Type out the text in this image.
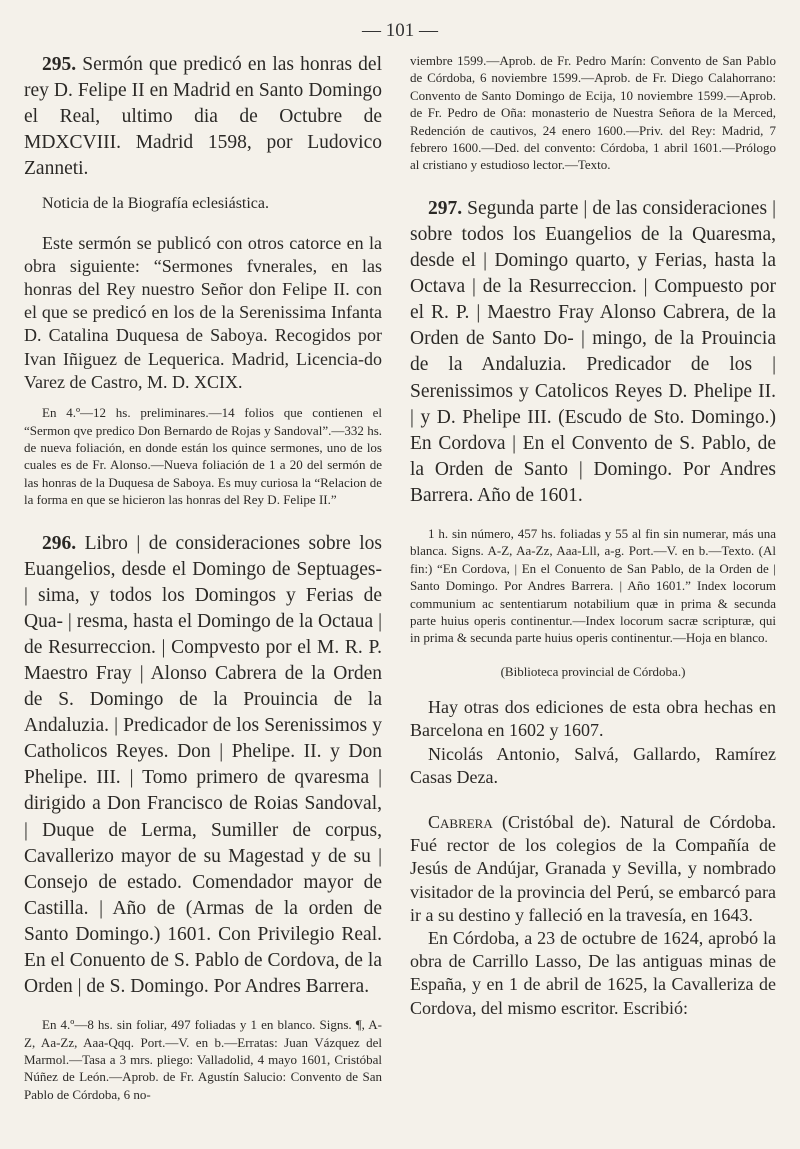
— 101 —

295. Sermón que predicó en las honras del rey D. Felipe II en Madrid en Santo Domingo el Real, ultimo dia de Octubre de MDXCVIII. Madrid 1598, por Ludovico Zanneti.

Noticia de la Biografía eclesiástica.

Este sermón se publicó con otros catorce en la obra siguiente: “Sermones fvnerales, en las honras del Rey nuestro Señor don Felipe II. con el que se predicó en los de la Serenissima Infanta D. Catalina Duquesa de Saboya. Recogidos por Ivan Iñiguez de Lequerica. Madrid, Licencia-do Varez de Castro, M. D. XCIX.

En 4.º—12 hs. preliminares.—14 folios que contienen el “Sermon qve predico Don Bernardo de Rojas y Sandoval”.—332 hs. de nueva foliación, en donde están los quince sermones, uno de los cuales es de Fr. Alonso.—Nueva foliación de 1 a 20 del sermón de las honras de la Duquesa de Saboya. Es muy curiosa la “Relacion de la forma en que se hicieron las honras del Rey D. Felipe II.”

296. Libro | de consideraciones sobre los Euangelios, desde el Domingo de Septuages- | sima, y todos los Domingos y Ferias de Qua- | resma, hasta el Domingo de la Octaua | de Resurreccion. | Compvesto por el M. R. P. Maestro Fray | Alonso Cabrera de la Orden de S. Domingo de la Prouincia de la Andaluzia. | Predicador de los Serenissimos y Catholicos Reyes. Don | Phelipe. II. y Don Phelipe. III. | Tomo primero de qvaresma | dirigido a Don Francisco de Roias Sandoval, | Duque de Lerma, Sumiller de corpus, Cavallerizo mayor de su Magestad y de su | Consejo de estado. Comendador mayor de Castilla. | Año de (Armas de la orden de Santo Domingo.) 1601. Con Privilegio Real. En el Conuento de S. Pablo de Cordova, de la Orden | de S. Domingo. Por Andres Barrera.

En 4.º—8 hs. sin foliar, 497 foliadas y 1 en blanco. Signs. ¶, A-Z, Aa-Zz, Aaa-Qqq. Port.—V. en b.—Erratas: Juan Vázquez del Marmol.—Tasa a 3 mrs. pliego: Valladolid, 4 mayo 1601, Cristóbal Núñez de León.—Aprob. de Fr. Agustín Salucio: Convento de San Pablo de Córdoba, 6 no-

viembre 1599.—Aprob. de Fr. Pedro Marín: Convento de San Pablo de Córdoba, 6 noviembre 1599.—Aprob. de Fr. Diego Calahorrano: Convento de Santo Domingo de Ecija, 10 noviembre 1599.—Aprob. de Fr. Pedro de Oña: monasterio de Nuestra Señora de la Merced, Redención de cautivos, 24 enero 1600.—Priv. del Rey: Madrid, 7 febrero 1600.—Ded. del convento: Córdoba, 1 abril 1601.—Prólogo al cristiano y estudioso lector.—Texto.

297. Segunda parte | de las consideraciones | sobre todos los Euangelios de la Quaresma, desde el | Domingo quarto, y Ferias, hasta la Octava | de la Resurreccion. | Compuesto por el R. P. | Maestro Fray Alonso Cabrera, de la Orden de Santo Do- | mingo, de la Prouincia de la Andaluzia. Predicador de los | Serenissimos y Catolicos Reyes D. Phelipe II. | y D. Phelipe III. (Escudo de Sto. Domingo.) En Cordova | En el Convento de S. Pablo, de la Orden de Santo | Domingo. Por Andres Barrera. Año de 1601.

1 h. sin número, 457 hs. foliadas y 55 al fin sin numerar, más una blanca. Signs. A-Z, Aa-Zz, Aaa-Lll, a-g. Port.—V. en b.—Texto. (Al fin:) “En Cordova, | En el Conuento de San Pablo, de la Orden de | Santo Domingo. Por Andres Barrera. | Año 1601.” Index locorum communium ac sententiarum notabilium quæ in prima & secunda parte huius operis continentur.—Index locorum sacræ scripturæ, qui in prima & secunda parte huius operis continentur.—Hoja en blanco.

(Biblioteca provincial de Córdoba.)

Hay otras dos ediciones de esta obra hechas en Barcelona en 1602 y 1607.

Nicolás Antonio, Salvá, Gallardo, Ramírez Casas Deza.

Cabrera (Cristóbal de). Natural de Córdoba. Fué rector de los colegios de la Compañía de Jesús de Andújar, Granada y Sevilla, y nombrado visitador de la provincia del Perú, se embarcó para ir a su destino y falleció en la travesía, en 1643.

En Córdoba, a 23 de octubre de 1624, aprobó la obra de Carrillo Lasso, De las antiguas minas de España, y en 1 de abril de 1625, la Cavalleriza de Cordova, del mismo escritor. Escribió:
